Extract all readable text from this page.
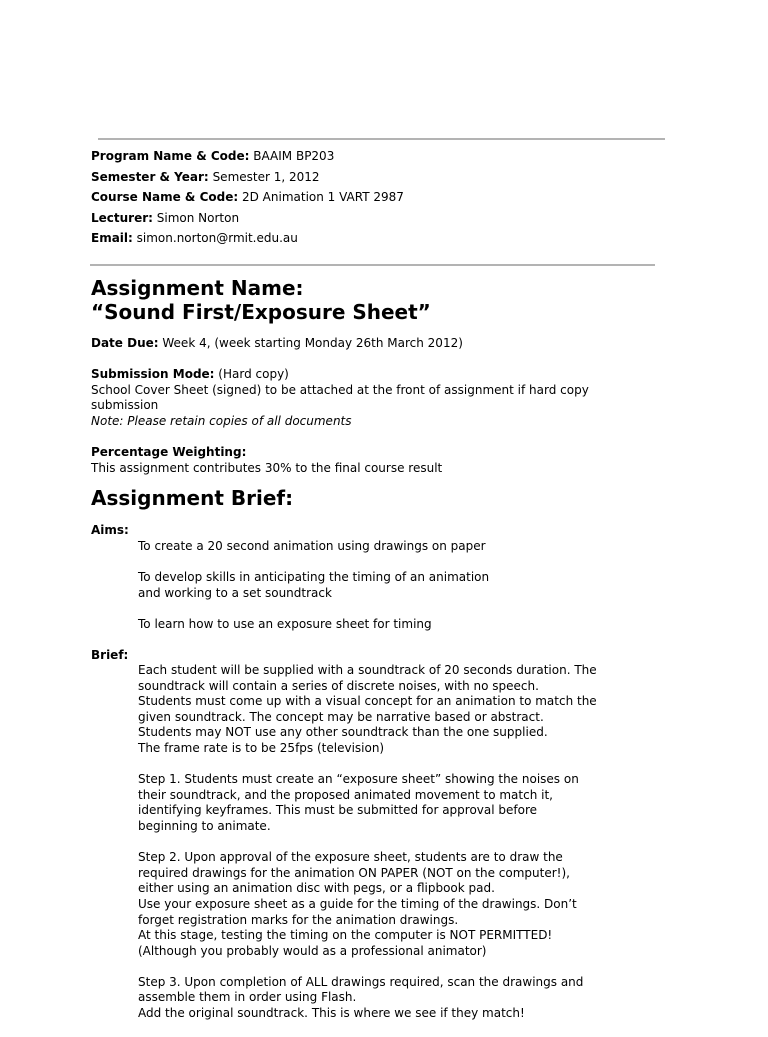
Program Name & Code: BAAIM BP203
Semester & Year: Semester 1, 2012
Course Name & Code: 2D Animation 1 VART 2987
Lecturer: Simon Norton
Email: simon.norton@rmit.edu.au
Assignment Name:
“Sound First/Exposure Sheet”
Date Due: Week 4, (week starting Monday 26th March 2012)
Submission Mode: (Hard copy)
School Cover Sheet (signed) to be attached at the front of assignment if hard copy submission
Note: Please retain copies of all documents
Percentage Weighting:
This assignment contributes 30% to the final course result
Assignment Brief:
Aims:

To create a 20 second animation using drawings on paper

To develop skills in anticipating the timing of an animation and working to a set soundtrack

To learn how to use an exposure sheet for timing

Brief:

Each student will be supplied with a soundtrack of 20 seconds duration. The soundtrack will contain a series of discrete noises, with no speech.
Students must come up with a visual concept for an animation to match the given soundtrack. The concept may be narrative based or abstract.
Students may NOT use any other soundtrack than the one supplied.
The frame rate is to be 25fps (television)

Step 1. Students must create an “exposure sheet” showing the noises on their soundtrack, and the proposed animated movement to match it, identifying keyframes. This must be submitted for approval before beginning to animate.

Step 2. Upon approval of the exposure sheet, students are to draw the required drawings for the animation ON PAPER (NOT on the computer!), either using an animation disc with pegs, or a flipbook pad.
Use your exposure sheet as a guide for the timing of the drawings. Don’t forget registration marks for the animation drawings.
At this stage, testing the timing on the computer is NOT PERMITTED!
(Although you probably would as a professional animator)

Step 3. Upon completion of ALL drawings required, scan the drawings and assemble them in order using Flash.
Add the original soundtrack. This is where we see if they match!
